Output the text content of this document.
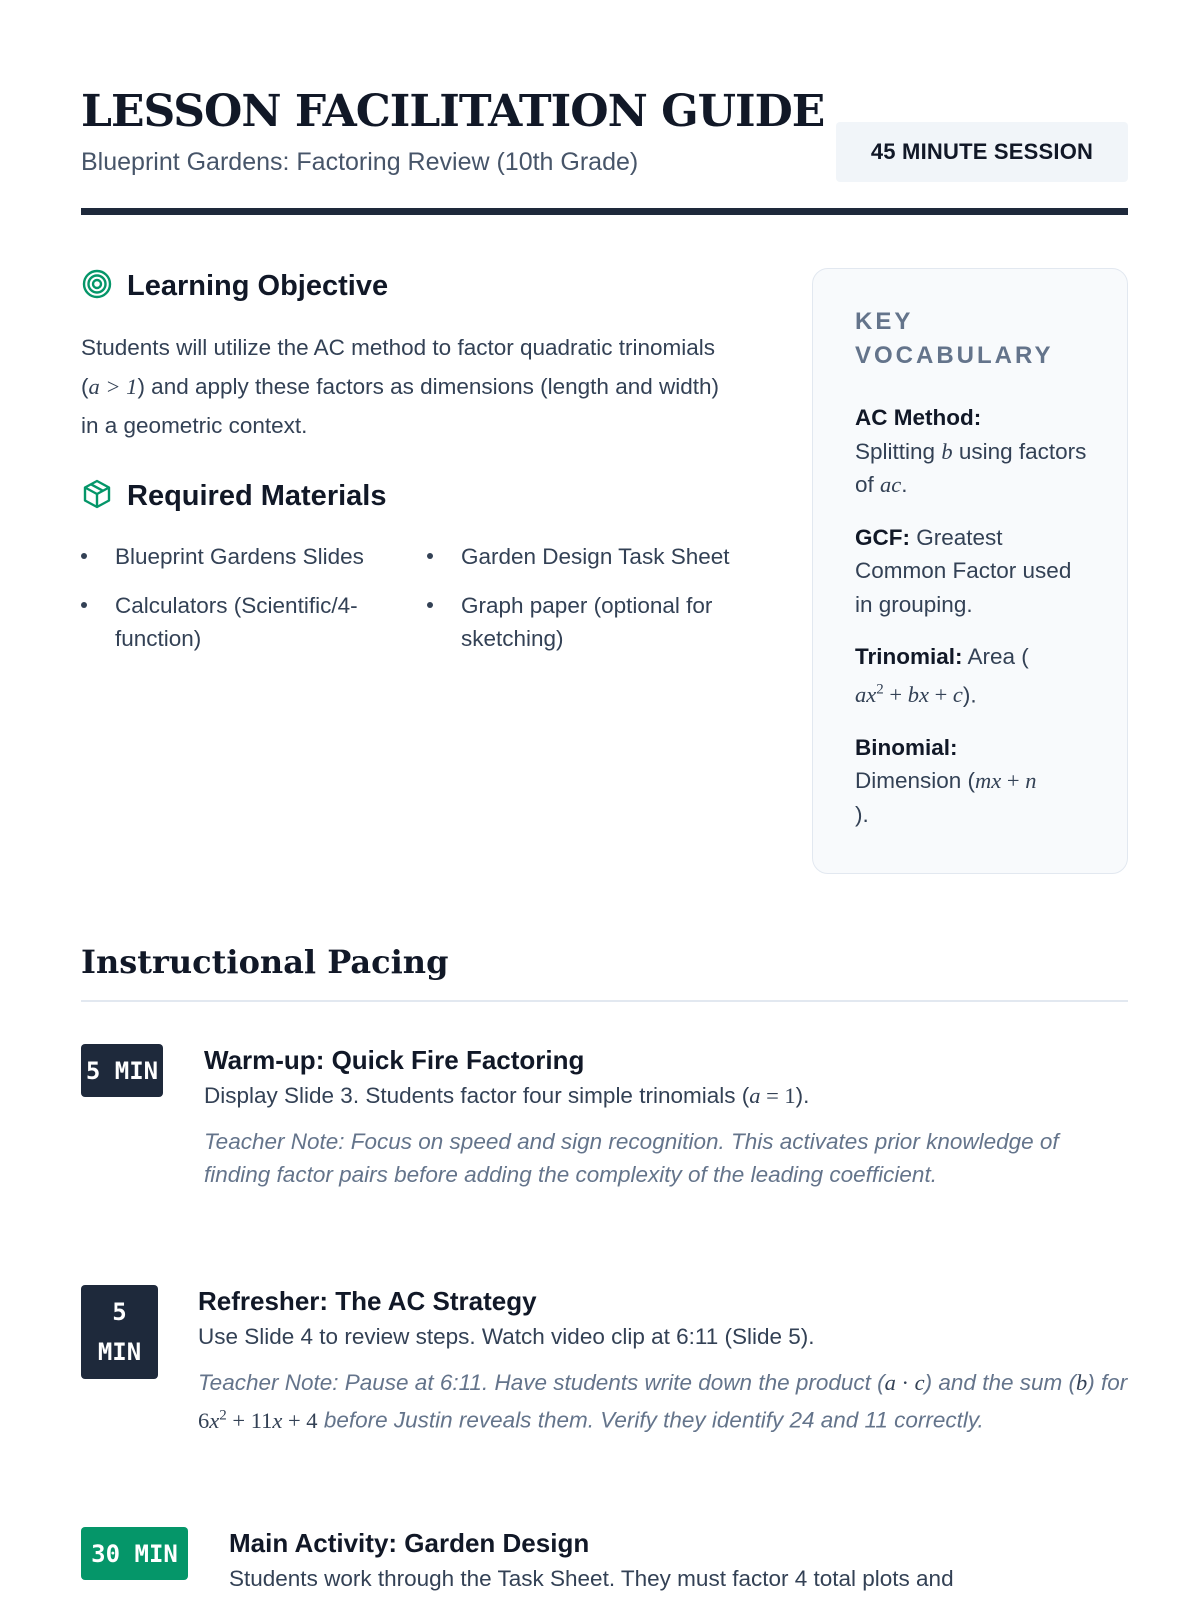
LESSON FACILITATION GUIDE
Blueprint Gardens: Factoring Review (10th Grade)	45 MINUTE SESSION
Learning Objective

Students will utilize the AC method to factor quadratic trinomials (a > 1) and apply these factors as dimensions (length and width) in a geometric context.

Required Materials
Blueprint Gardens Slides	Garden Design Task Sheet
Calculators (Scientific/4-function)
Graph paper (optional for sketching)
KEY VOCABULARY
AC Method:
Splitting b using factors of ac.
GCF: Greatest Common Factor used in grouping.
Trinomial: Area (
$ax^2$ + bx + c).
Binomial:
Dimension (mx + n
).
Instructional Pacing
5 MIN Warm-up: Quick Fire Factoring
Display Slide 3. Students factor four simple trinomials (a = 1).
Teacher Note: Focus on speed and sign recognition. This activates prior knowledge of finding factor pairs before adding the complexity of the leading coefficient.
5
MIN
Refresher: The AC Strategy
Use Slide 4 to review steps. Watch video clip at 6:11 (Slide 5).
Teacher Note: Pause at 6:11. Have students write down the product (a · c) and the sum (b) for $6x^2 + 11x + 4$ before Justin reveals them. Verify they identify 24 and 11 correctly.
30 MIN	Main Activity: Garden Design
Students work through the Task Sheet. They must factor 4 total plots and
